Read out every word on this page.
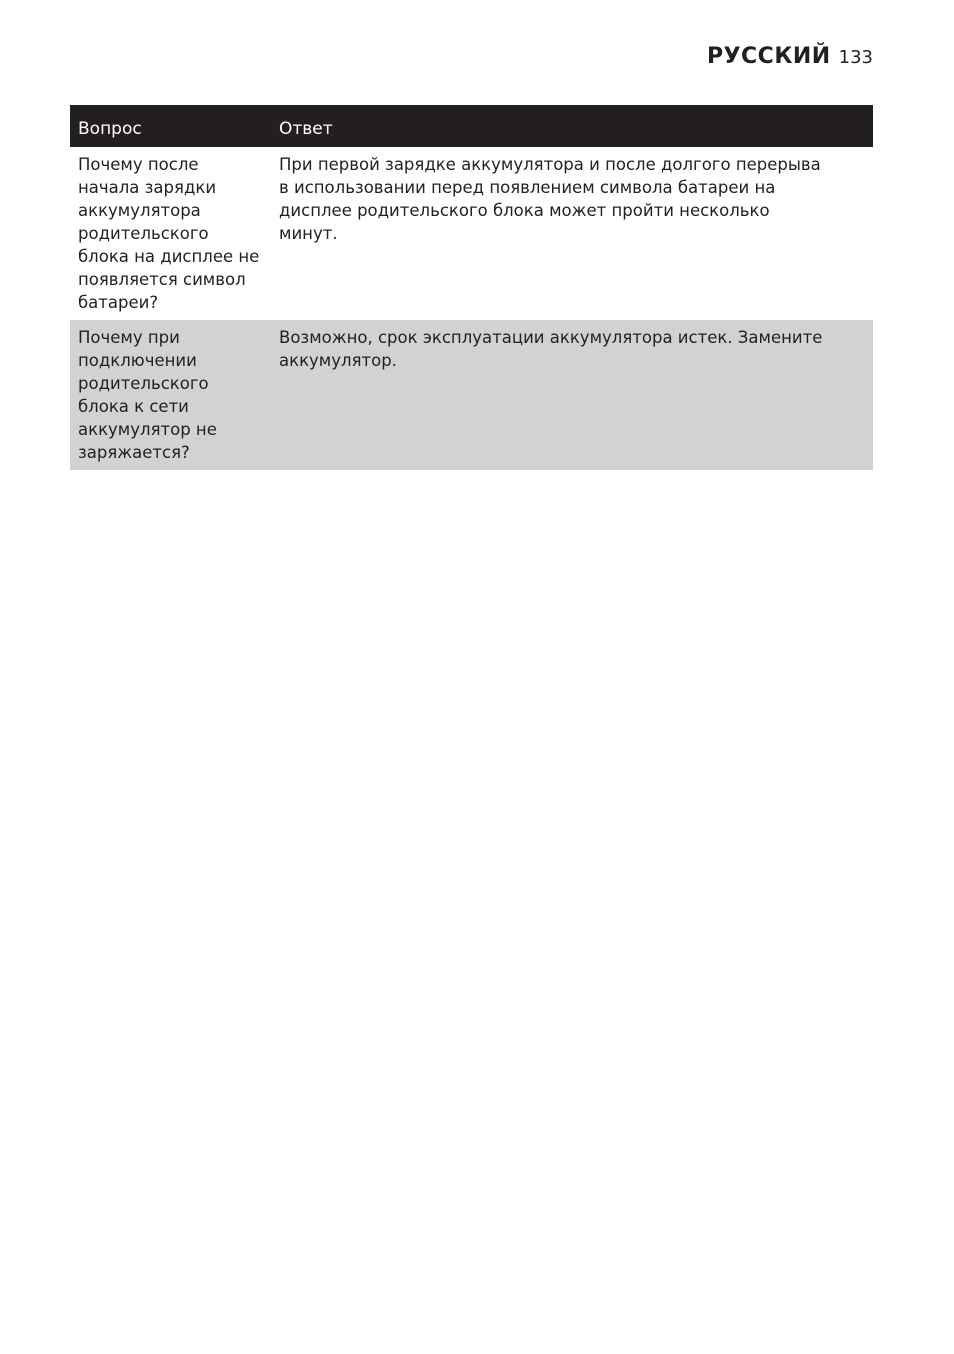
РУССКИЙ 133
Вопрос	Ответ
Почему после начала зарядки аккумулятора родительского блока на дисплее не появляется символ батареи?	При первой зарядке аккумулятора и после долгого перерыва в использовании перед появлением символа батареи на дисплее родительского блока может пройти несколько минут.
Почему при подключении родительского блока к сети аккумулятор не заряжается?	Возможно, срок эксплуатации аккумулятора истек. Замените аккумулятор.
